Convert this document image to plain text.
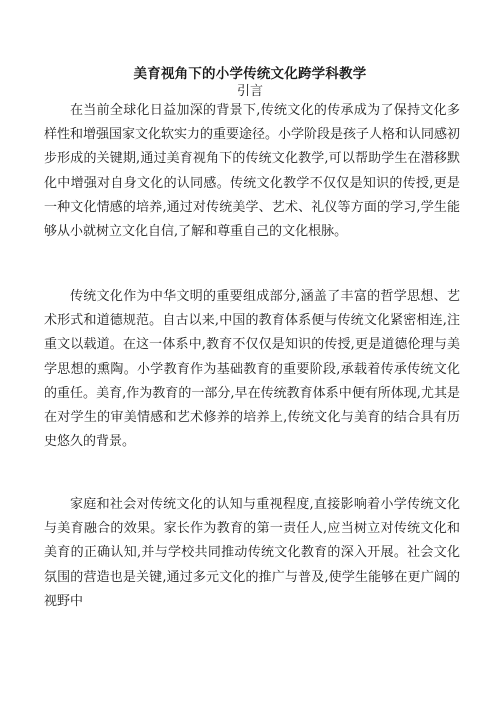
美育视角下的小学传统文化跨学科教学
引言

在当前全球化日益加深的背景下,传统文化的传承成为了保持文化多样性和增强国家文化软实力的重要途径。小学阶段是孩子人格和认同感初步形成的关键期,通过美育视角下的传统文化教学,可以帮助学生在潜移默化中增强对自身文化的认同感。传统文化教学不仅仅是知识的传授,更是一种文化情感的培养,通过对传统美学、艺术、礼仪等方面的学习,学生能够从小就树立文化自信,了解和尊重自己的文化根脉。

传统文化作为中华文明的重要组成部分,涵盖了丰富的哲学思想、艺术形式和道德规范。自古以来,中国的教育体系便与传统文化紧密相连,注重文以载道。在这一体系中,教育不仅仅是知识的传授,更是道德伦理与美学思想的熏陶。小学教育作为基础教育的重要阶段,承载着传承传统文化的重任。美育,作为教育的一部分,早在传统教育体系中便有所体现,尤其是在对学生的审美情感和艺术修养的培养上,传统文化与美育的结合具有历史悠久的背景。

家庭和社会对传统文化的认知与重视程度,直接影响着小学传统文化与美育融合的效果。家长作为教育的第一责任人,应当树立对传统文化和美育的正确认知,并与学校共同推动传统文化教育的深入开展。社会文化氛围的营造也是关键,通过多元文化的推广与普及,使学生能够在更广阔的视野中
